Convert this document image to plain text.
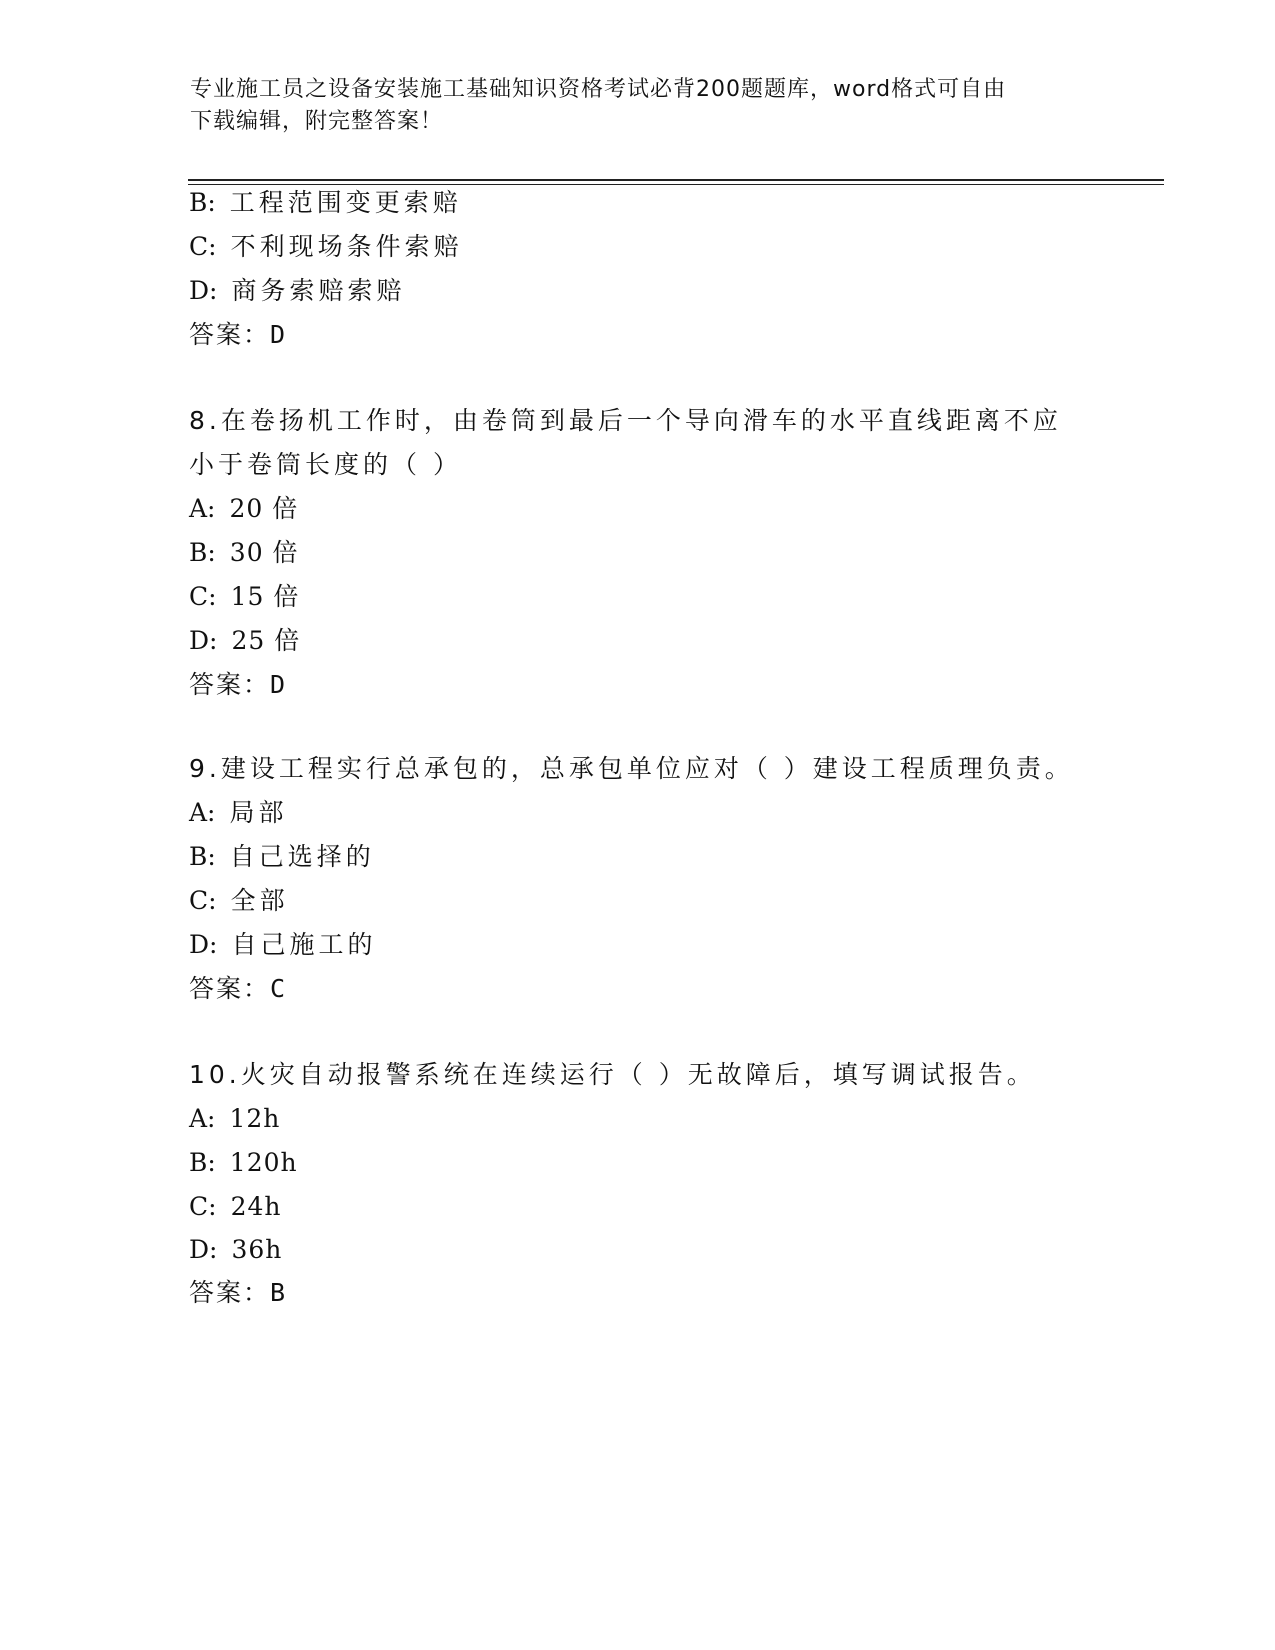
专业施工员之设备安装施工基础知识资格考试必背200题题库，word格式可自由
下载编辑，附完整答案！
B: 工程范围变更索赔
C: 不利现场条件索赔
D: 商务索赔索赔
答案：D
8.在卷扬机工作时，由卷筒到最后一个导向滑车的水平直线距离不应
小于卷筒长度的（ ）
A: 20 倍
B: 30 倍
C: 15 倍
D: 25 倍
答案：D
9.建设工程实行总承包的，总承包单位应对（ ）建设工程质理负责。
A: 局部
B: 自己选择的
C: 全部
D: 自己施工的
答案：C
10.火灾自动报警系统在连续运行（ ）无故障后，填写调试报告。
A: 12h
B: 120h
C: 24h
D: 36h
答案：B
